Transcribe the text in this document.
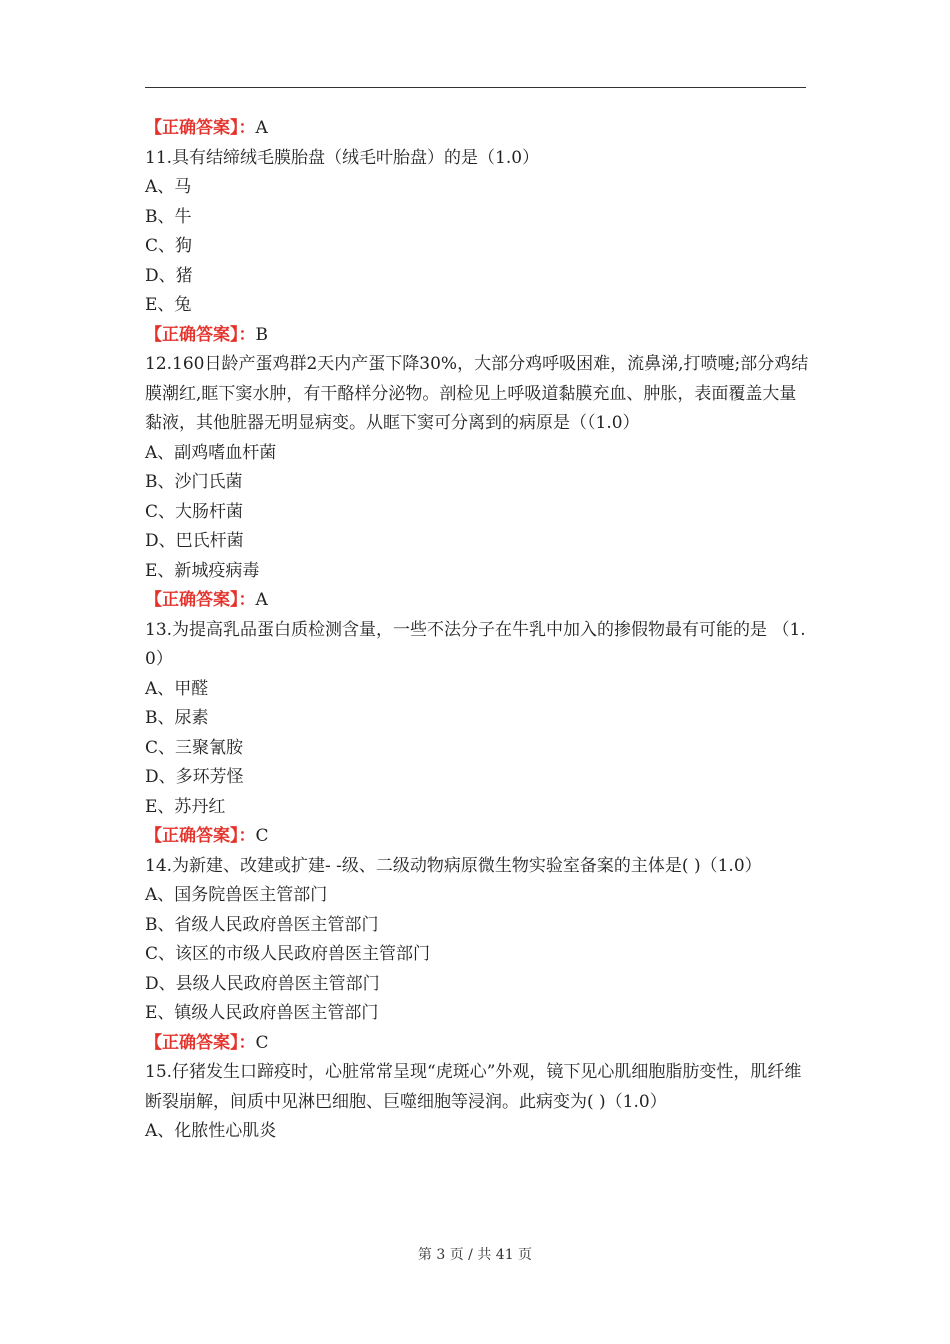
【正确答案】：A
11.具有结缔绒毛膜胎盘（绒毛叶胎盘）的是（1.0）
A、马
B、牛
C、狗
D、猪
E、兔
【正确答案】：B
12.160日龄产蛋鸡群2天内产蛋下降30%，大部分鸡呼吸困难，流鼻涕,打喷嚏;部分鸡结膜潮红,眶下窦水肿，有干酪样分泌物。剖检见上呼吸道黏膜充血、肿胀，表面覆盖大量黏液，其他脏器无明显病变。从眶下窦可分离到的病原是（（1.0）
A、副鸡嗜血杆菌
B、沙门氏菌
C、大肠杆菌
D、巴氏杆菌
E、新城疫病毒
【正确答案】：A
13.为提高乳品蛋白质检测含量，一些不法分子在牛乳中加入的掺假物最有可能的是 （1.0）
A、甲醛
B、尿素
C、三聚氰胺
D、多环芳怪
E、苏丹红
【正确答案】：C
14.为新建、改建或扩建- -级、二级动物病原微生物实验室备案的主体是( )（1.0）
A、国务院兽医主管部门
B、省级人民政府兽医主管部门
C、该区的市级人民政府兽医主管部门
D、县级人民政府兽医主管部门
E、镇级人民政府兽医主管部门
【正确答案】：C
15.仔猪发生口蹄疫时，心脏常常呈现“虎斑心”外观，镜下见心肌细胞脂肪变性，肌纤维断裂崩解，间质中见淋巴细胞、巨噬细胞等浸润。此病变为( )（1.0）
A、化脓性心肌炎
第 3 页 / 共 41 页
